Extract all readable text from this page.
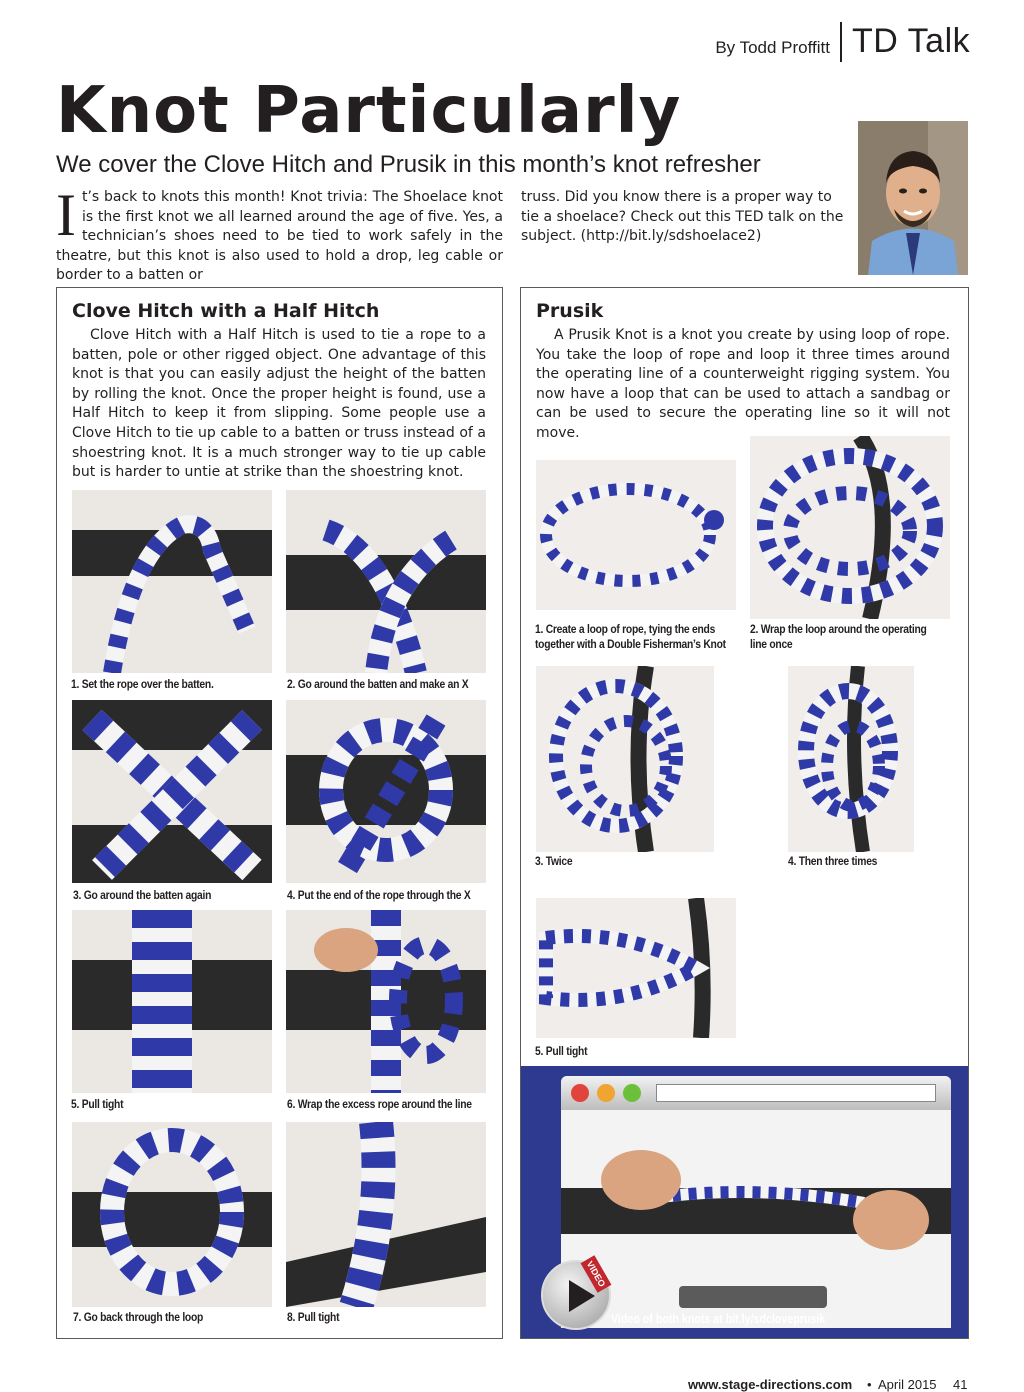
By Todd Proffitt TD Talk
Knot Particularly
We cover the Clove Hitch and Prusik in this month’s knot refresher
I t’s back to knots this month! Knot trivia: The Shoelace knot is the first knot we all learned around the age of five. Yes, a technician’s shoes need to be tied to work safely in the theatre, but this knot is also used to hold a drop, leg cable or border to a batten or
truss. Did you know there is a proper way to tie a shoelace? Check out this TED talk on the subject. (http://bit.ly/sdshoelace2)
Clove Hitch with a Half Hitch
Clove Hitch with a Half Hitch is used to tie a rope to a batten, pole or other rigged object. One advantage of this knot is that you can easily adjust the height of the batten by rolling the knot. Once the proper height is found, use a Half Hitch to keep it from slipping. Some people use a Clove Hitch to tie up cable to a batten or truss instead of a shoestring knot. It is a much stronger way to tie up cable but is harder to untie at strike than the shoestring knot.
Prusik
A Prusik Knot is a knot you create by using loop of rope. You take the loop of rope and loop it three times around the operating line of a counterweight rigging system. You now have a loop that can be used to attach a sandbag or can be used to secure the operating line so it will not move.
1. Set the rope over the batten.	2. Go around the batten and make an X
3. Go around the batten again	4. Put the end of the rope through the X
5. Pull tight	6. Wrap the excess rope around the line
7. Go back through the loop	8. Pull tight
1. Create a loop of rope, tying the ends
together with a Double Fisherman’s Knot
2. Wrap the loop around the operating
line once
3. Twice	4. Then three times
5. Pull tight
VIDEO
Video of both knots at bit.ly/sdcloveprusik
www.stage-directions.com • April 2015 41
